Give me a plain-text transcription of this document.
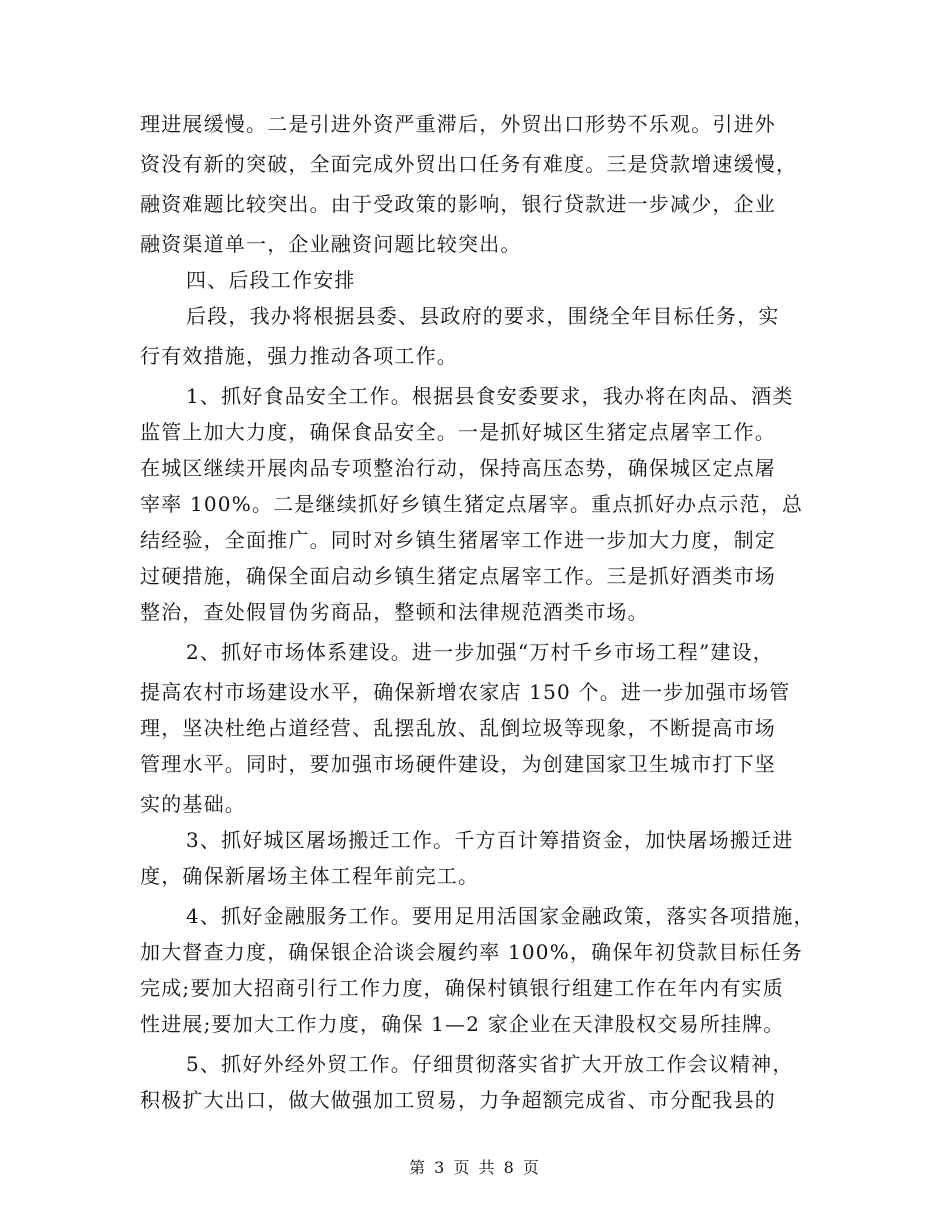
理进展缓慢。二是引进外资严重滞后，外贸出口形势不乐观。引进外
资没有新的突破，全面完成外贸出口任务有难度。三是贷款增速缓慢，
融资难题比较突出。由于受政策的影响，银行贷款进一步减少，企业
融资渠道单一，企业融资问题比较突出。
四、后段工作安排
后段，我办将根据县委、县政府的要求，围绕全年目标任务，实
行有效措施，强力推动各项工作。
1、抓好食品安全工作。根据县食安委要求，我办将在肉品、酒类
监管上加大力度，确保食品安全。一是抓好城区生猪定点屠宰工作。
在城区继续开展肉品专项整治行动，保持高压态势，确保城区定点屠
宰率 100%。二是继续抓好乡镇生猪定点屠宰。重点抓好办点示范，总
结经验，全面推广。同时对乡镇生猪屠宰工作进一步加大力度，制定
过硬措施，确保全面启动乡镇生猪定点屠宰工作。三是抓好酒类市场
整治，查处假冒伪劣商品，整顿和法律规范酒类市场。
2、抓好市场体系建设。进一步加强“万村千乡市场工程”建设，
提高农村市场建设水平，确保新增农家店 150 个。进一步加强市场管
理，坚决杜绝占道经营、乱摆乱放、乱倒垃圾等现象，不断提高市场
管理水平。同时，要加强市场硬件建设，为创建国家卫生城市打下坚
实的基础。
3、抓好城区屠场搬迁工作。千方百计筹措资金，加快屠场搬迁进
度，确保新屠场主体工程年前完工。
4、抓好金融服务工作。要用足用活国家金融政策，落实各项措施，
加大督查力度，确保银企洽谈会履约率 100%，确保年初贷款目标任务
完成;要加大招商引行工作力度，确保村镇银行组建工作在年内有实质
性进展;要加大工作力度，确保 1—2 家企业在天津股权交易所挂牌。
5、抓好外经外贸工作。仔细贯彻落实省扩大开放工作会议精神，
积极扩大出口，做大做强加工贸易，力争超额完成省、市分配我县的
第 3 页 共 8 页
